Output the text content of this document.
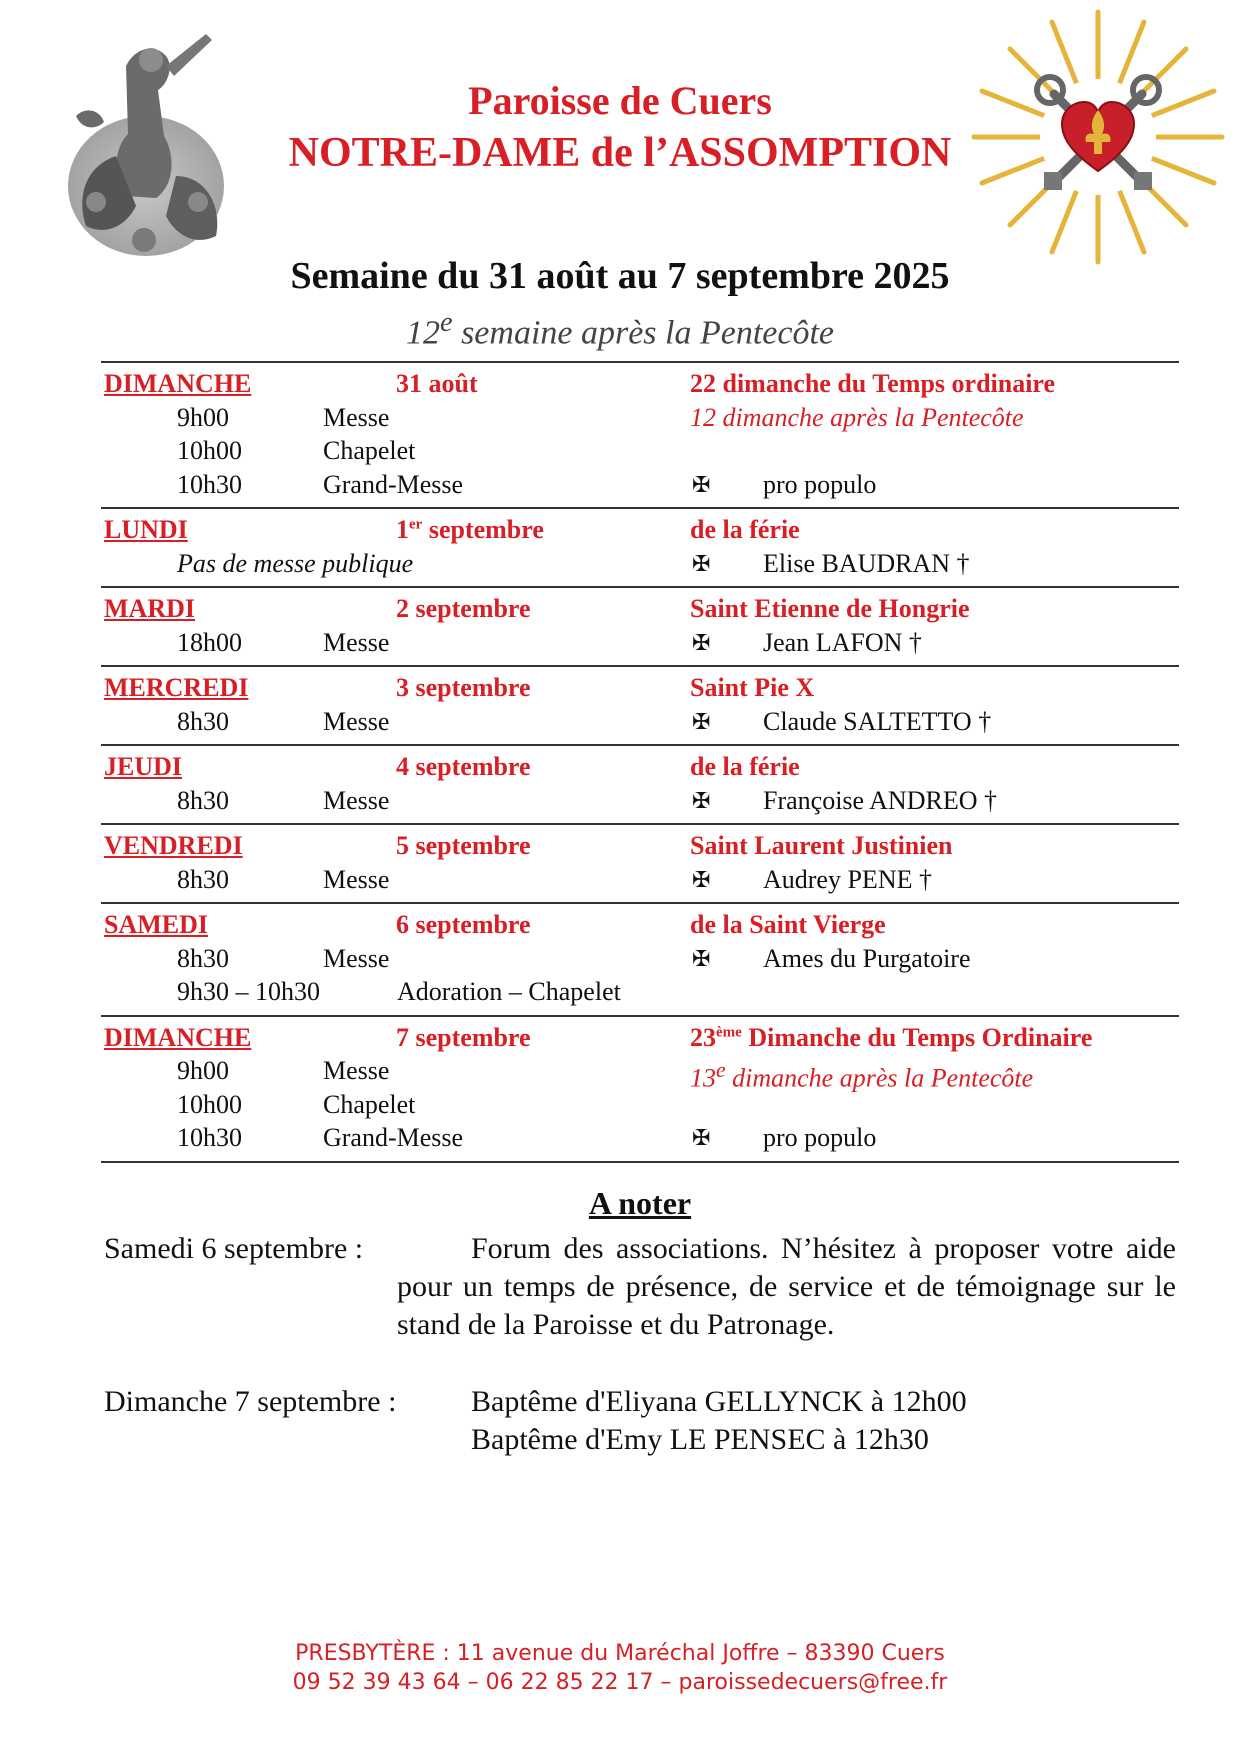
Paroisse de Cuers
NOTRE-DAME de l’ASSOMPTION
Semaine du 31 août au 7 septembre 2025
12e semaine après la Pentecôte
DIMANCHE	31 août	22 dimanche du Temps ordinaire
9h00	Messe	12 dimanche après la Pentecôte
10h00	Chapelet
10h30	Grand-Messe	✠ pro populo
LUNDI	1er septembre	de la férie
Pas de messe publique	✠ Elise BAUDRAN †
MARDI	2 septembre	Saint Etienne de Hongrie
18h00	Messe	✠ Jean LAFON †
MERCREDI	3 septembre	Saint Pie X
8h30	Messe	✠ Claude SALTETTO †
JEUDI	4 septembre	de la férie
8h30	Messe	✠ Françoise ANDREO †
VENDREDI	5 septembre	Saint Laurent Justinien
8h30	Messe	✠ Audrey PENE †
SAMEDI	6 septembre	de la Saint Vierge
8h30	Messe	✠ Ames du Purgatoire
9h30 – 10h30	Adoration – Chapelet
DIMANCHE	7 septembre	23ème Dimanche du Temps Ordinaire
9h00	Messe	13e dimanche après la Pentecôte
10h00	Chapelet
10h30	Grand-Messe	✠ pro populo
A noter
Samedi 6 septembre :	Forum des associations. N’hésitez à proposer votre aide pour un temps de présence, de service et de témoignage sur le stand de la Paroisse et du Patronage.
Dimanche 7 septembre : Baptême d'Eliyana GELLYNCK à 12h00
Baptême d'Emy LE PENSEC à 12h30
PRESBYTÈRE : 11 avenue du Maréchal Joffre – 83390 Cuers
09 52 39 43 64 – 06 22 85 22 17 – paroissedecuers@free.fr
